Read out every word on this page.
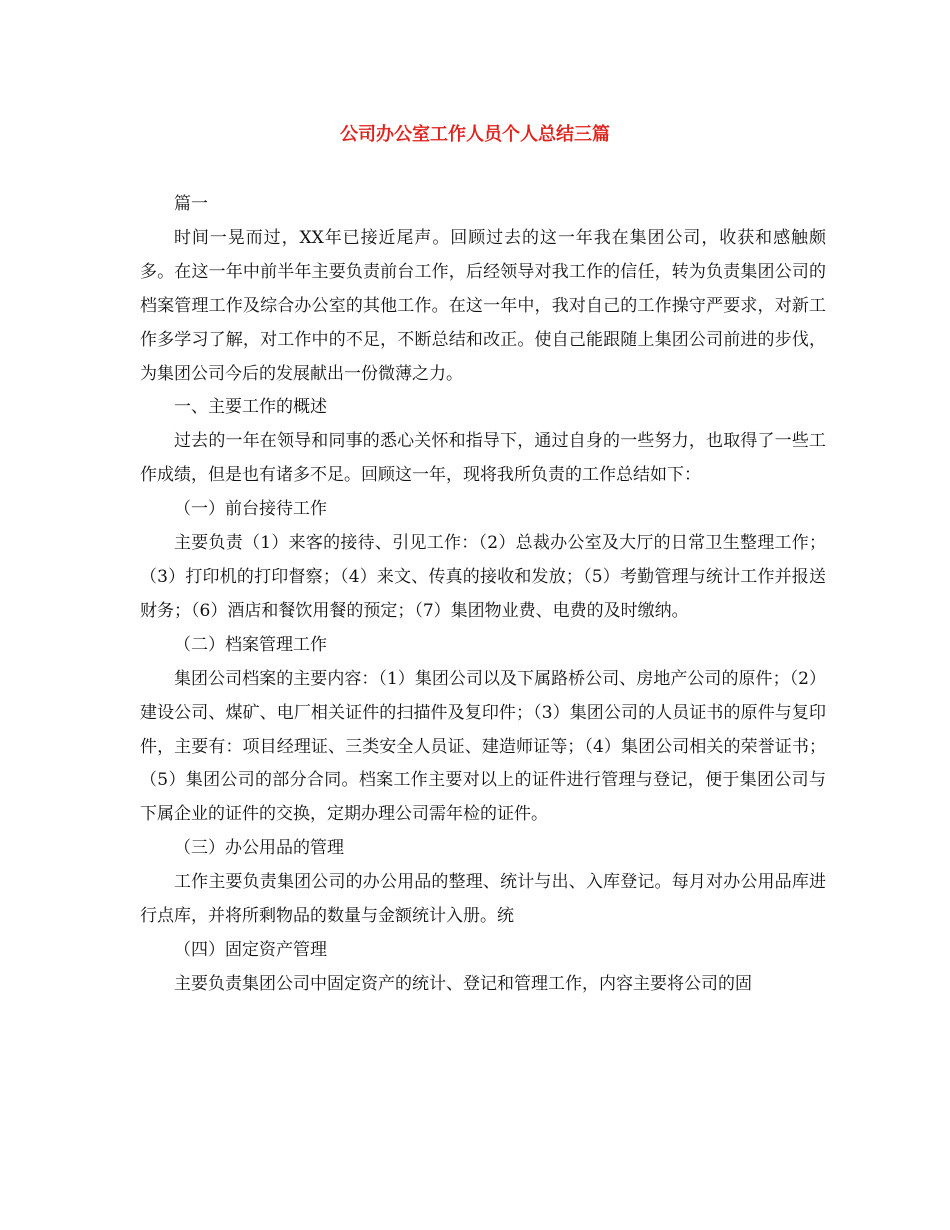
公司办公室工作人员个人总结三篇

篇一

时间一晃而过，XX年已接近尾声。回顾过去的这一年我在集团公司，收获和感触颇多。在这一年中前半年主要负责前台工作，后经领导对我工作的信任，转为负责集团公司的档案管理工作及综合办公室的其他工作。在这一年中，我对自己的工作操守严要求，对新工作多学习了解，对工作中的不足，不断总结和改正。使自己能跟随上集团公司前进的步伐，为集团公司今后的发展献出一份微薄之力。

一、主要工作的概述

过去的一年在领导和同事的悉心关怀和指导下，通过自身的一些努力，也取得了一些工作成绩，但是也有诸多不足。回顾这一年，现将我所负责的工作总结如下：

（一）前台接待工作

主要负责（1）来客的接待、引见工作：（2）总裁办公室及大厅的日常卫生整理工作；（3）打印机的打印督察；（4）来文、传真的接收和发放；（5）考勤管理与统计工作并报送财务；（6）酒店和餐饮用餐的预定；（7）集团物业费、电费的及时缴纳。

（二）档案管理工作

集团公司档案的主要内容：（1）集团公司以及下属路桥公司、房地产公司的原件；（2）建设公司、煤矿、电厂相关证件的扫描件及复印件；（3）集团公司的人员证书的原件与复印件，主要有：项目经理证、三类安全人员证、建造师证等；（4）集团公司相关的荣誉证书；（5）集团公司的部分合同。档案工作主要对以上的证件进行管理与登记，便于集团公司与下属企业的证件的交换，定期办理公司需年检的证件。

（三）办公用品的管理

工作主要负责集团公司的办公用品的整理、统计与出、入库登记。每月对办公用品库进行点库，并将所剩物品的数量与金额统计入册。统

（四）固定资产管理

主要负责集团公司中固定资产的统计、登记和管理工作，内容主要将公司的固
